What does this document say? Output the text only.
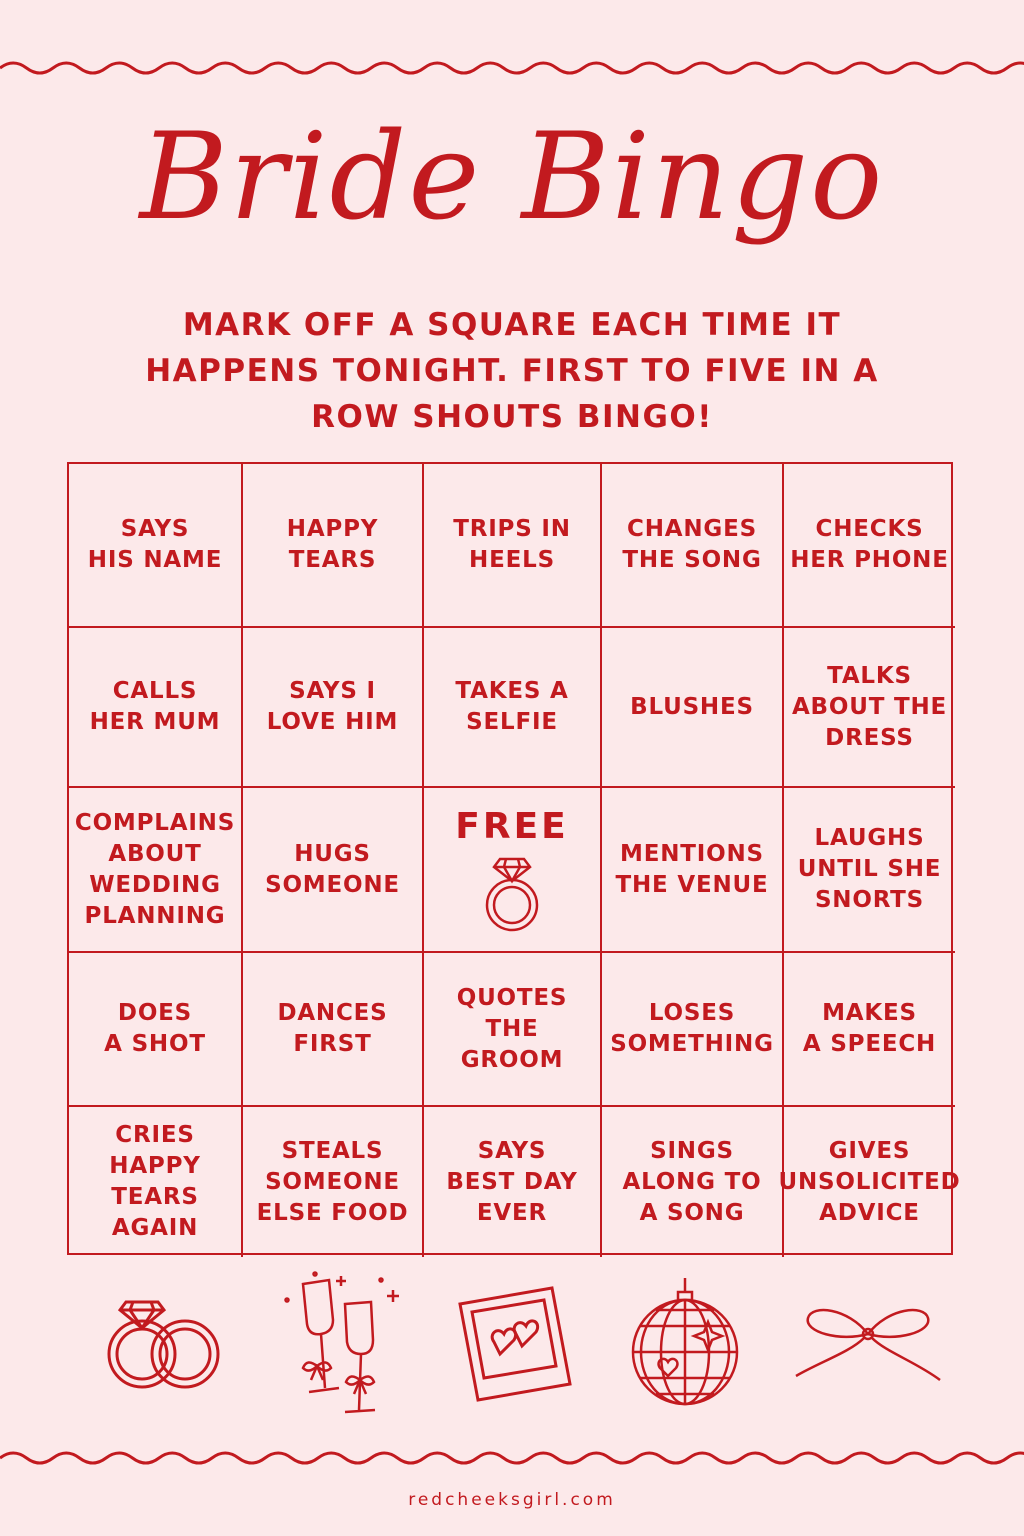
Bride Bingo

MARK OFF A SQUARE EACH TIME IT HAPPENS TONIGHT. FIRST TO FIVE IN A ROW SHOUTS BINGO!

SAYS
HIS NAME
HAPPY
TEARS
TRIPS IN
HEELS
CHANGES
THE SONG
CHECKS
HER PHONE
CALLS
HER MUM
SAYS I
LOVE HIM
TAKES A
SELFIE
BLUSHES
TALKS
ABOUT THE
DRESS
COMPLAINS
ABOUT
WEDDING
PLANNING
HUGS
SOMEONE
FREE
MENTIONS
THE VENUE
LAUGHS
UNTIL SHE
SNORTS
DOES
A SHOT
DANCES
FIRST
QUOTES
THE GROOM
LOSES
SOMETHING
MAKES
A SPEECH
CRIES
HAPPY TEARS
AGAIN
STEALS
SOMEONE
ELSE FOOD
SAYS
BEST DAY
EVER
SINGS
ALONG TO
A SONG
GIVES
UNSOLICITED
ADVICE
redcheeksgirl.com
